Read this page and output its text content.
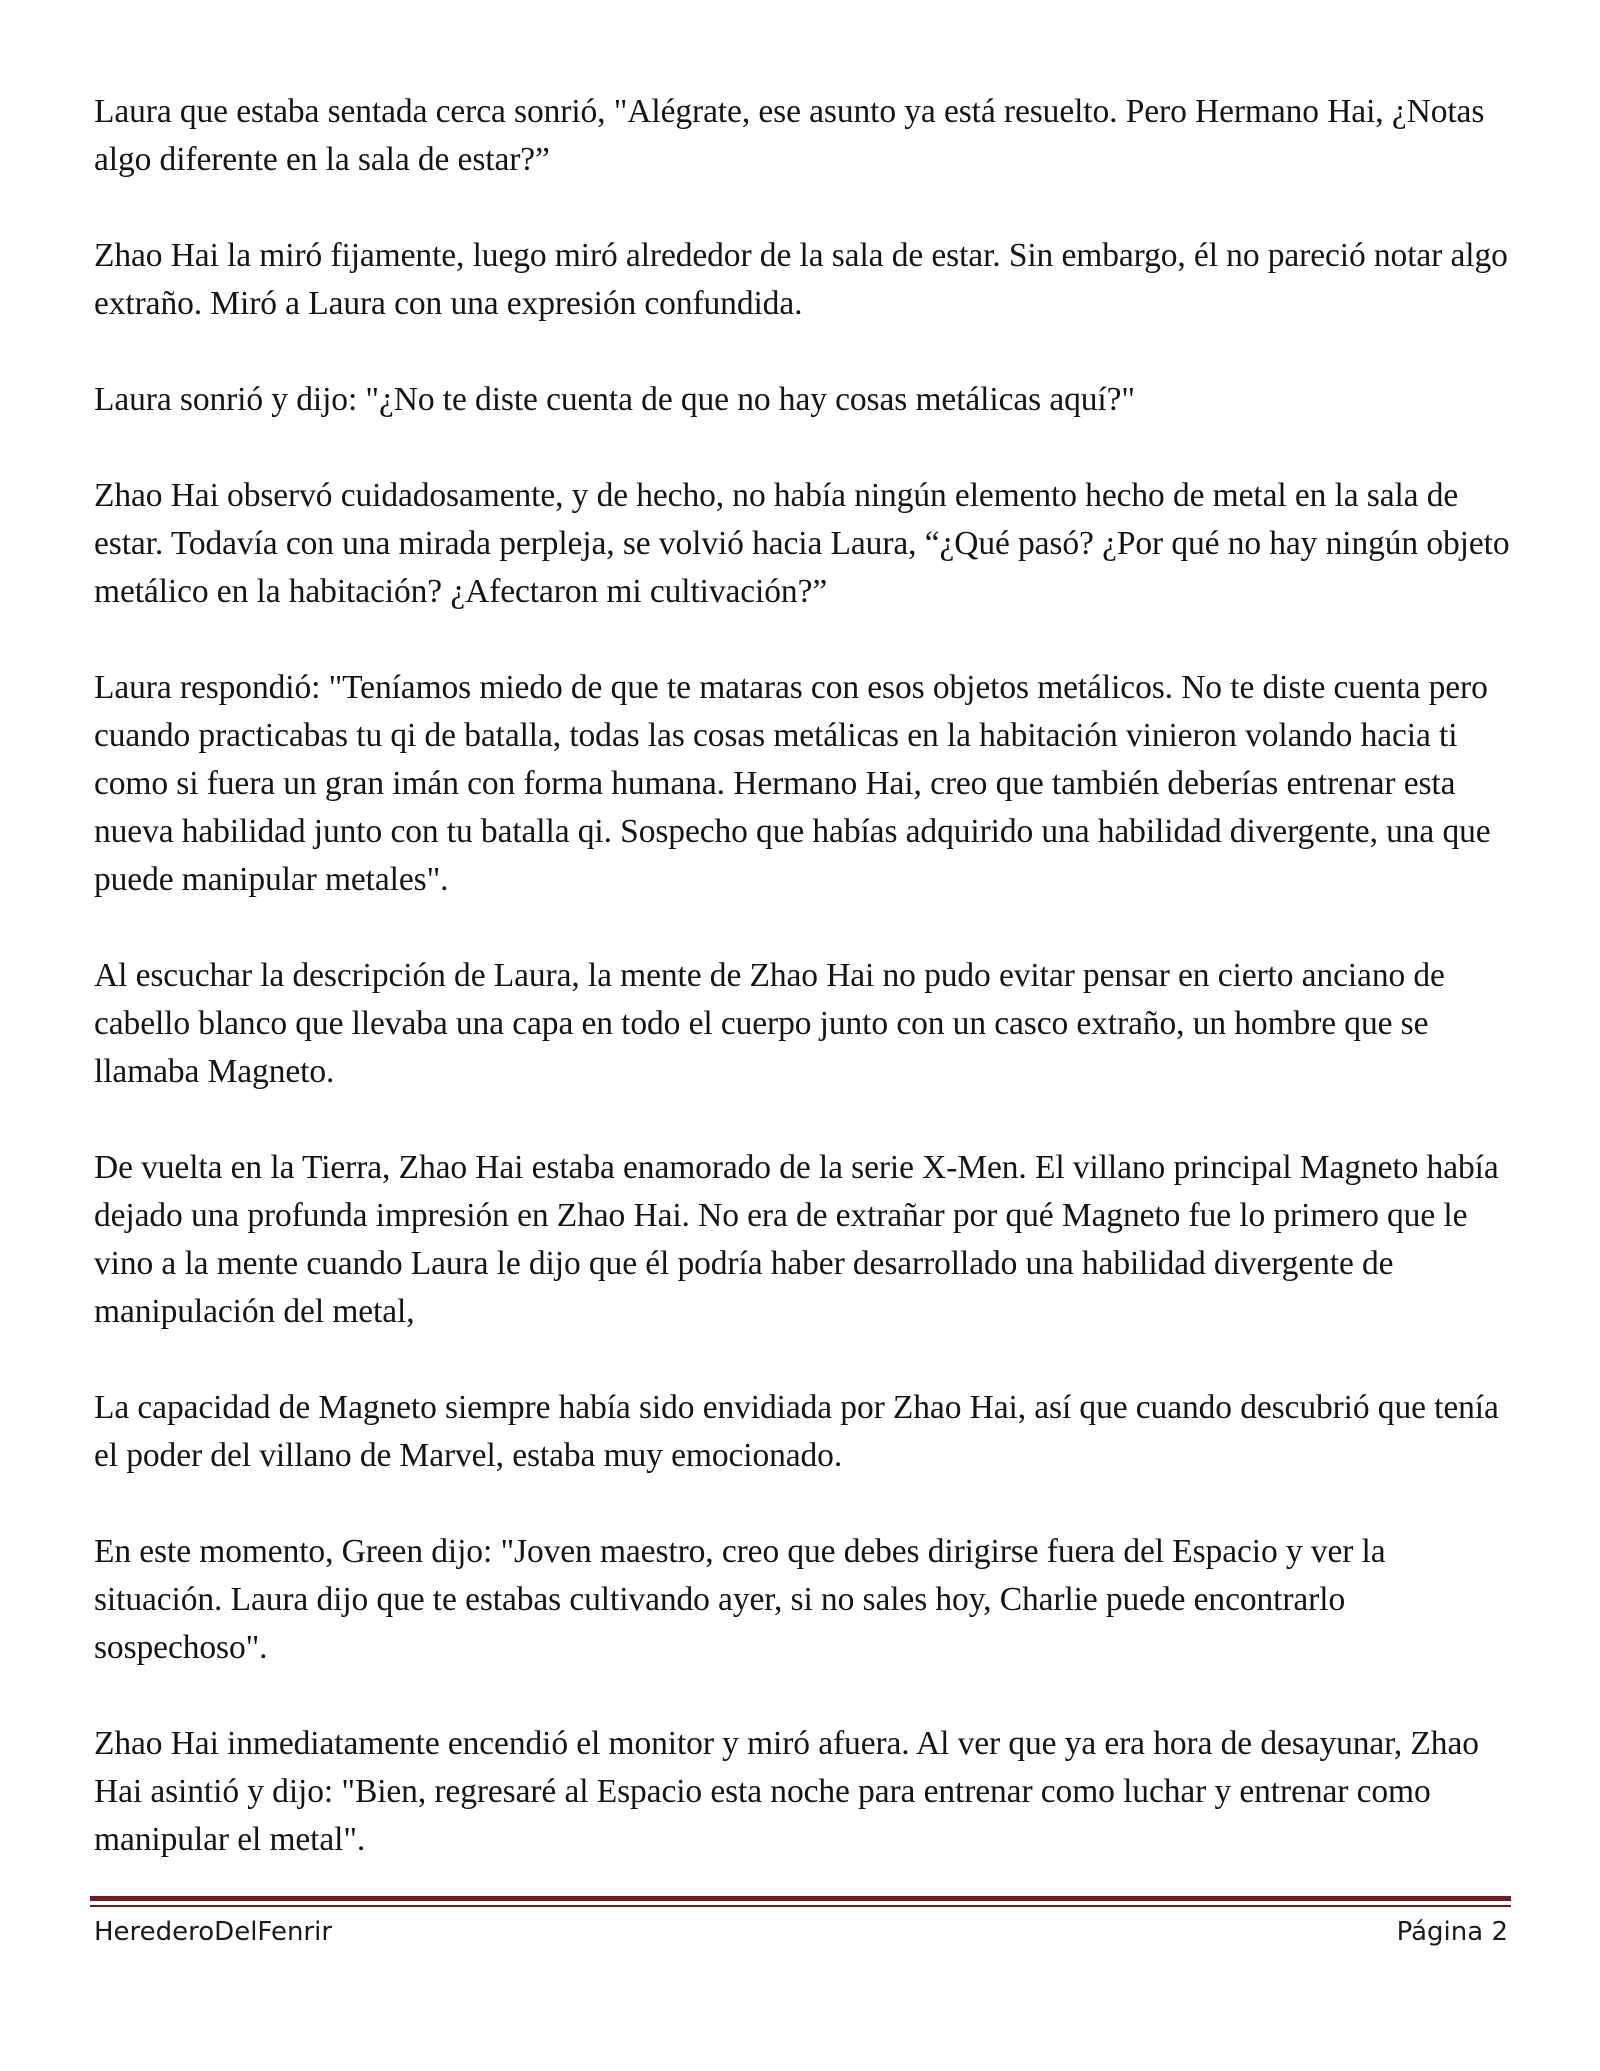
Laura que estaba sentada cerca sonrió, "Alégrate, ese asunto ya está resuelto. Pero Hermano Hai, ¿Notas algo diferente en la sala de estar?”

Zhao Hai la miró fijamente, luego miró alrededor de la sala de estar. Sin embargo, él no pareció notar algo extraño. Miró a Laura con una expresión confundida.

Laura sonrió y dijo: "¿No te diste cuenta de que no hay cosas metálicas aquí?"

Zhao Hai observó cuidadosamente, y de hecho, no había ningún elemento hecho de metal en la sala de estar. Todavía con una mirada perpleja, se volvió hacia Laura, “¿Qué pasó? ¿Por qué no hay ningún objeto metálico en la habitación? ¿Afectaron mi cultivación?”

Laura respondió: "Teníamos miedo de que te mataras con esos objetos metálicos. No te diste cuenta pero cuando practicabas tu qi de batalla, todas las cosas metálicas en la habitación vinieron volando hacia ti como si fuera un gran imán con forma humana. Hermano Hai, creo que también deberías entrenar esta nueva habilidad junto con tu batalla qi. Sospecho que habías adquirido una habilidad divergente, una que puede manipular metales".

Al escuchar la descripción de Laura, la mente de Zhao Hai no pudo evitar pensar en cierto anciano de cabello blanco que llevaba una capa en todo el cuerpo junto con un casco extraño, un hombre que se llamaba Magneto.

De vuelta en la Tierra, Zhao Hai estaba enamorado de la serie X-Men. El villano principal Magneto había dejado una profunda impresión en Zhao Hai. No era de extrañar por qué Magneto fue lo primero que le vino a la mente cuando Laura le dijo que él podría haber desarrollado una habilidad divergente de manipulación del metal,

La capacidad de Magneto siempre había sido envidiada por Zhao Hai, así que cuando descubrió que tenía el poder del villano de Marvel, estaba muy emocionado.

En este momento, Green dijo: "Joven maestro, creo que debes dirigirse fuera del Espacio y ver la situación. Laura dijo que te estabas cultivando ayer, si no sales hoy, Charlie puede encontrarlo sospechoso".

Zhao Hai inmediatamente encendió el monitor y miró afuera. Al ver que ya era hora de desayunar, Zhao Hai asintió y dijo: "Bien, regresaré al Espacio esta noche para entrenar como luchar y entrenar como manipular el metal".

HerederoDelFenrir	Página 2
